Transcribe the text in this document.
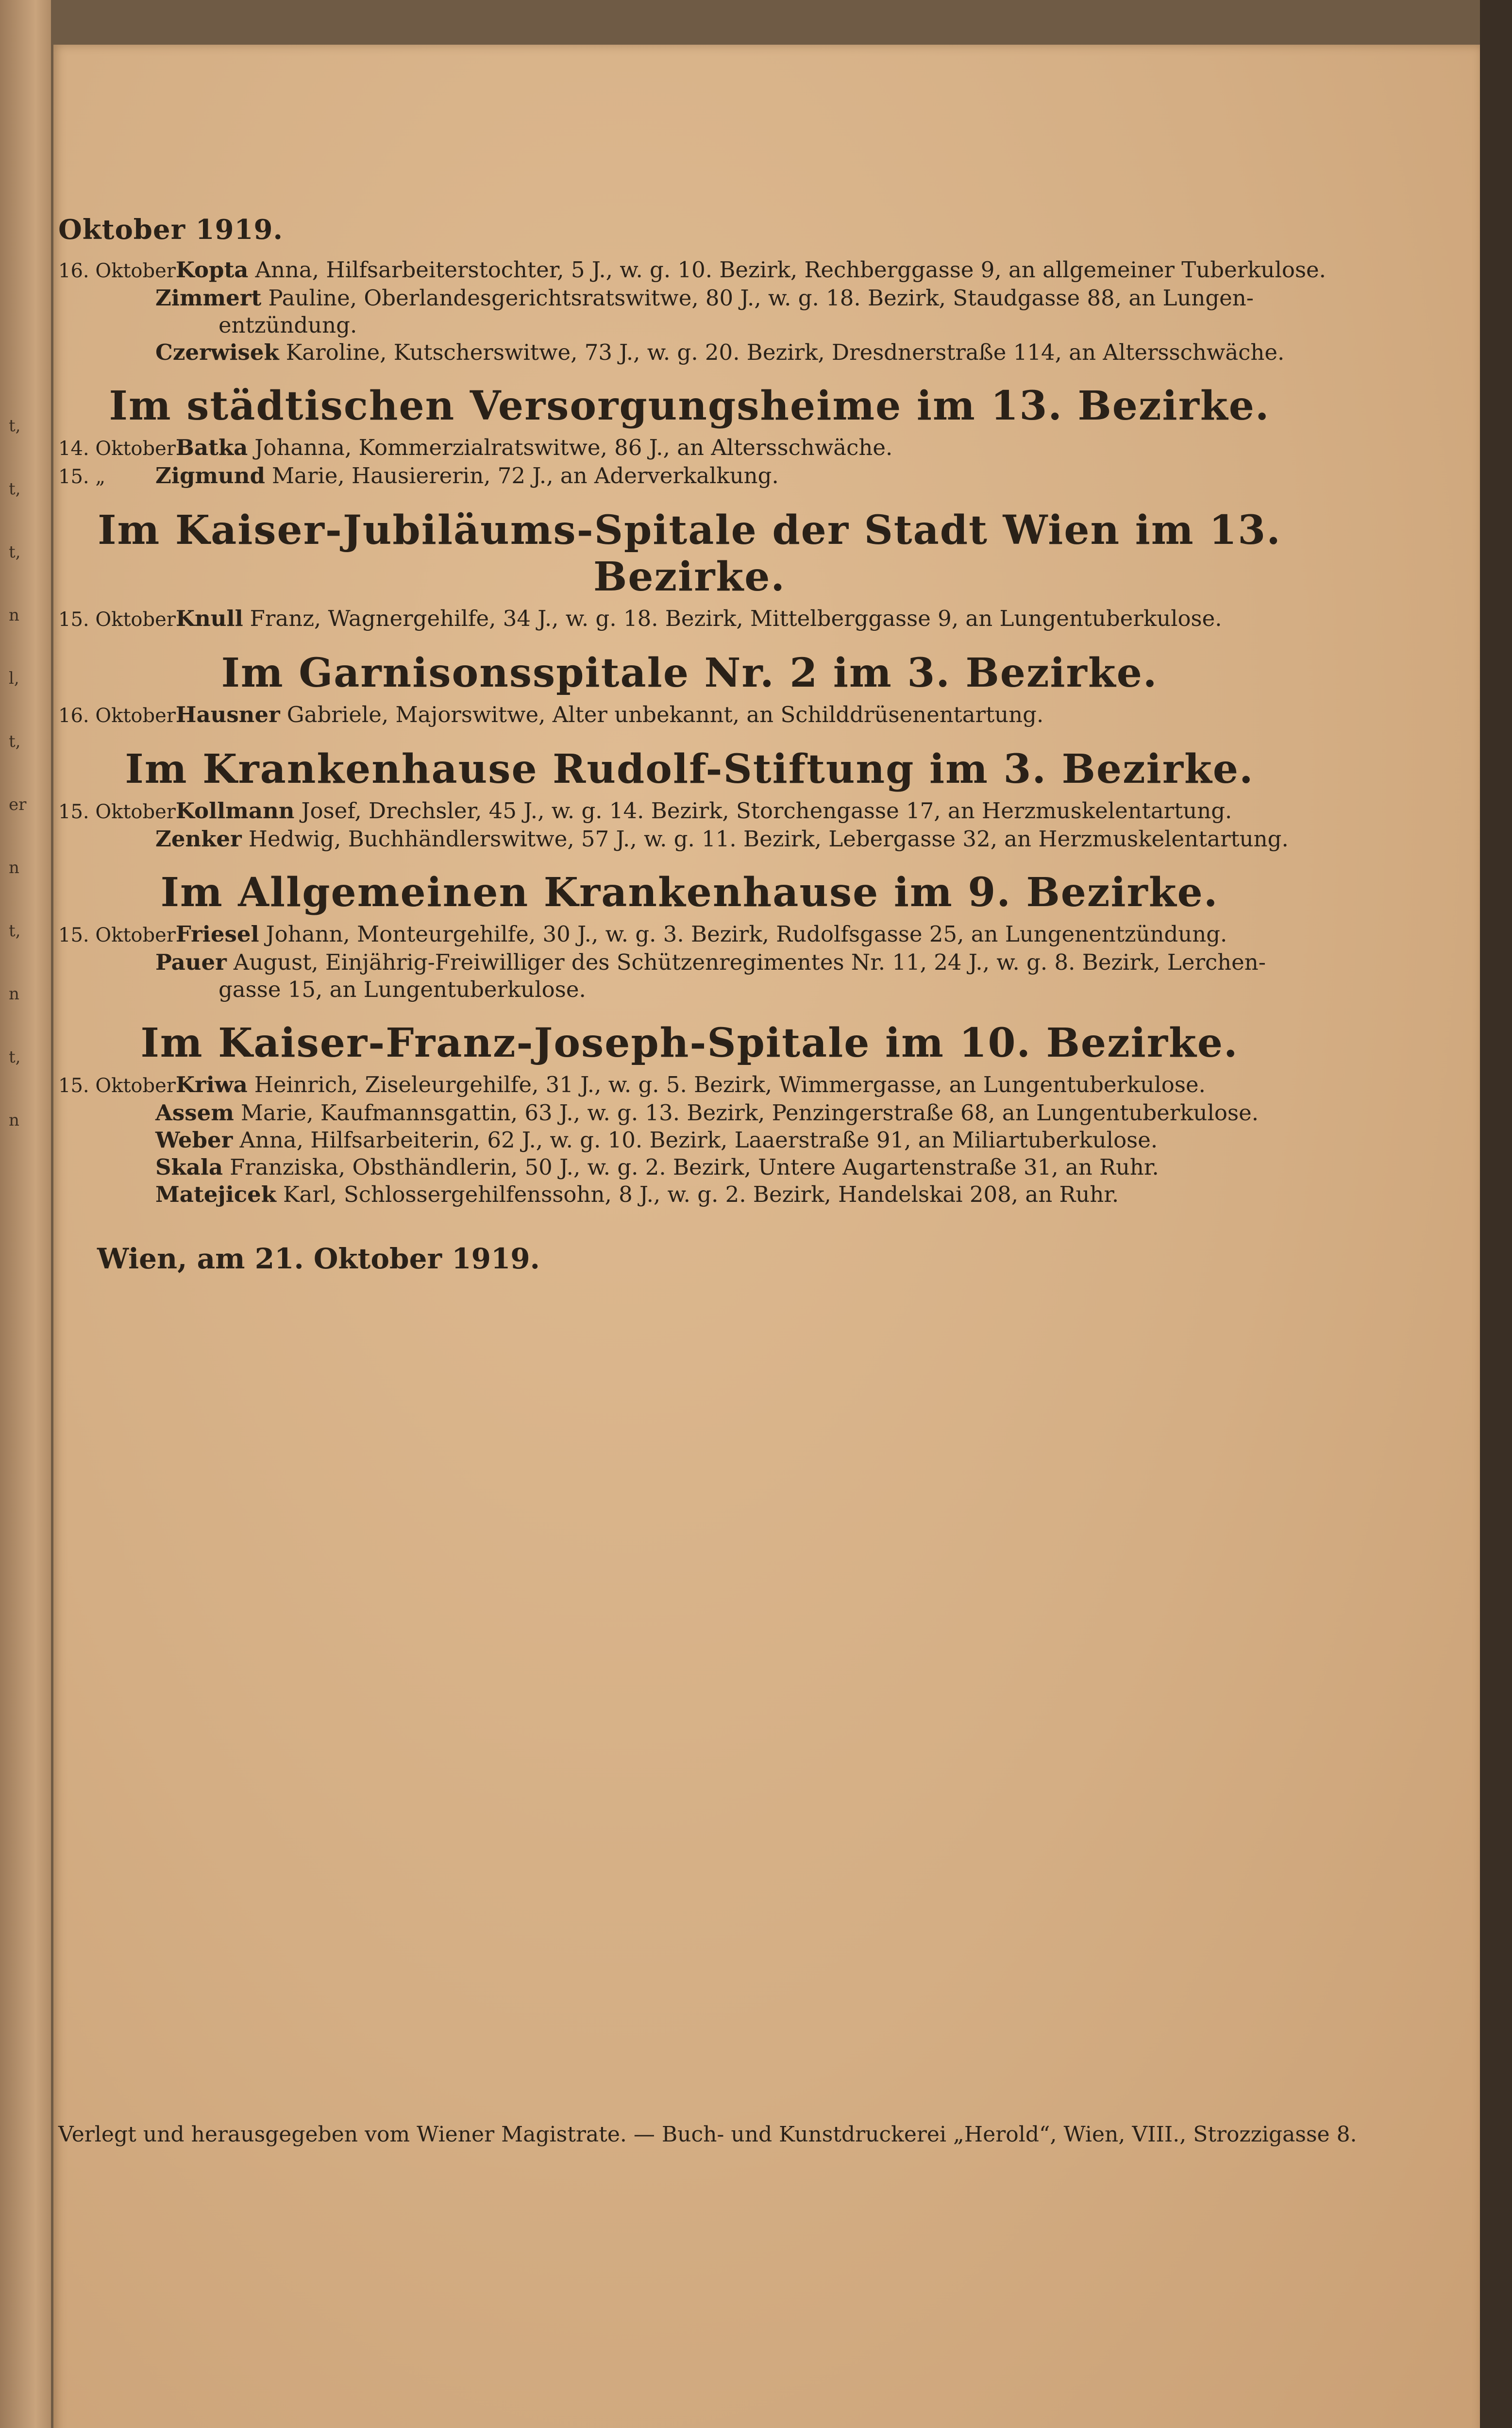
t,
t,
t,
n
l,
t,
er
n
t,
n
t,
n
Oktober 1919.
16. OktoberKopta Anna, Hilfsarbeiterstochter, 5 J., w. g. 10. Bezirk, Rechberggasse 9, an allgemeiner Tuberkulose.
Zimmert Pauline, Oberlandesgerichtsratswitwe, 80 J., w. g. 18. Bezirk, Staudgasse 88, an Lungen-
entzündung.
Czerwisek Karoline, Kutscherswitwe, 73 J., w. g. 20. Bezirk, Dresdnerstraße 114, an Altersschwäche.
Im städtischen Versorgungsheime im 13. Bezirke.
14. OktoberBatka Johanna, Kommerzialratswitwe, 86 J., an Altersschwäche.
15. „ Zigmund Marie, Hausiererin, 72 J., an Aderverkalkung.
Im Kaiser-Jubiläums-Spitale der Stadt Wien im 13. Bezirke.
15. OktoberKnull Franz, Wagnergehilfe, 34 J., w. g. 18. Bezirk, Mittelberggasse 9, an Lungentuberkulose.
Im Garnisonsspitale Nr. 2 im 3. Bezirke.
16. OktoberHausner Gabriele, Majorswitwe, Alter unbekannt, an Schilddrüsenentartung.
Im Krankenhause Rudolf-Stiftung im 3. Bezirke.
15. OktoberKollmann Josef, Drechsler, 45 J., w. g. 14. Bezirk, Storchengasse 17, an Herzmuskelentartung.
Zenker Hedwig, Buchhändlerswitwe, 57 J., w. g. 11. Bezirk, Lebergasse 32, an Herzmuskelentartung.
Im Allgemeinen Krankenhause im 9. Bezirke.
15. OktoberFriesel Johann, Monteurgehilfe, 30 J., w. g. 3. Bezirk, Rudolfsgasse 25, an Lungenentzündung.
Pauer August, Einjährig-Freiwilliger des Schützenregimentes Nr. 11, 24 J., w. g. 8. Bezirk, Lerchen-
gasse 15, an Lungentuberkulose.
Im Kaiser-Franz-Joseph-Spitale im 10. Bezirke.
15. OktoberKriwa Heinrich, Ziseleurgehilfe, 31 J., w. g. 5. Bezirk, Wimmergasse, an Lungentuberkulose.
Assem Marie, Kaufmannsgattin, 63 J., w. g. 13. Bezirk, Penzingerstraße 68, an Lungentuberkulose.
Weber Anna, Hilfsarbeiterin, 62 J., w. g. 10. Bezirk, Laaerstraße 91, an Miliartuberkulose.
Skala Franziska, Obsthändlerin, 50 J., w. g. 2. Bezirk, Untere Augartenstraße 31, an Ruhr.
Matejicek Karl, Schlossergehilfenssohn, 8 J., w. g. 2. Bezirk, Handelskai 208, an Ruhr.
Wien, am 21. Oktober 1919.
Verlegt und herausgegeben vom Wiener Magistrate. — Buch- und Kunstdruckerei „Herold“, Wien, VIII., Strozzigasse 8.
